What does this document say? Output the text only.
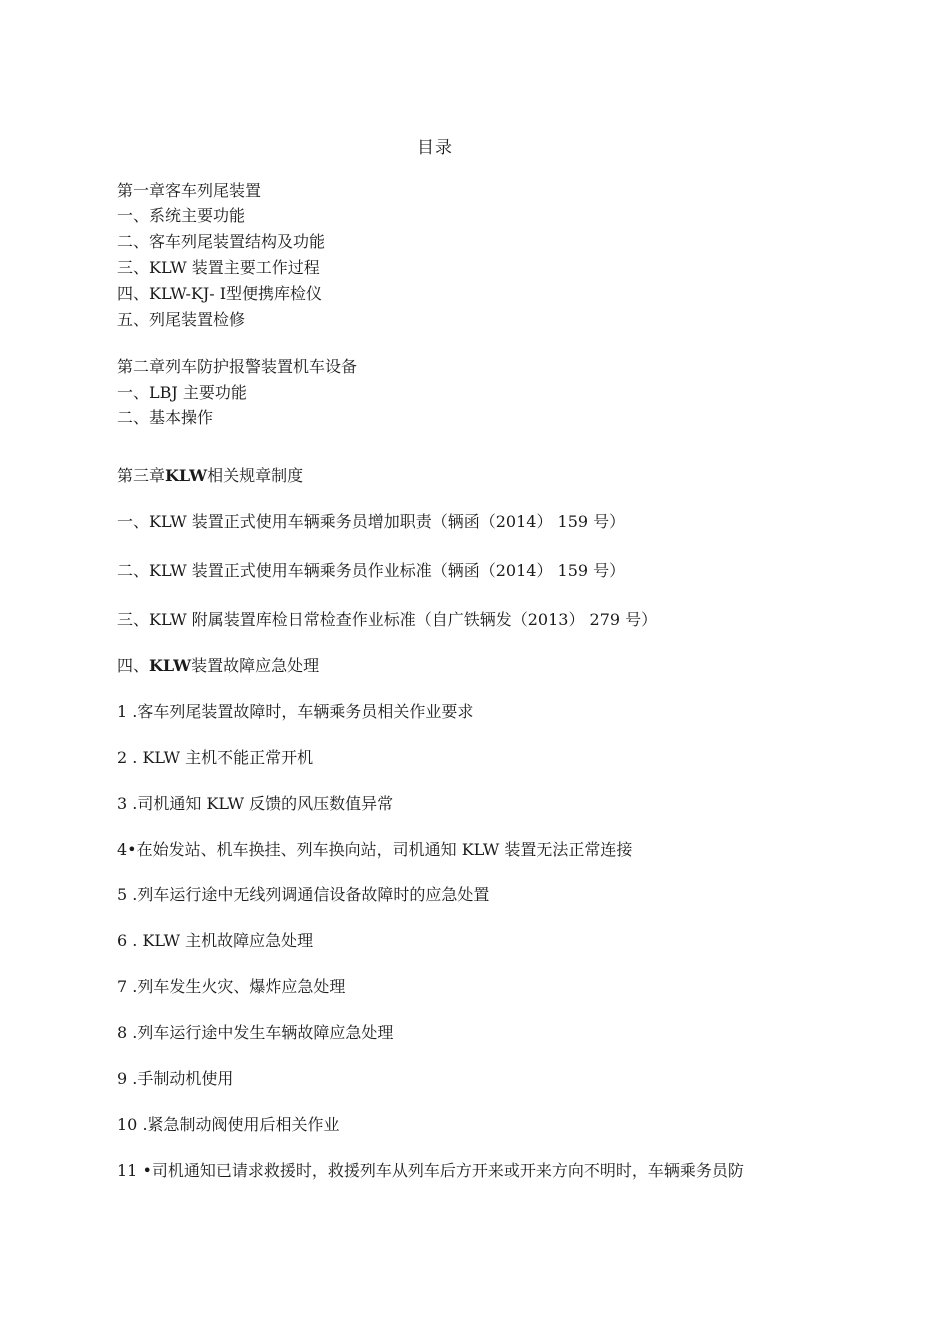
目录
第一章客车列尾装置
一、系统主要功能
二、客车列尾装置结构及功能
三、KLW 装置主要工作过程
四、KLW-KJ- Ⅰ型便携库检仪
五、列尾装置检修
第二章列车防护报警装置机车设备
一、LBJ 主要功能
二、基本操作
第三章KLW相关规章制度
一、KLW 装置正式使用车辆乘务员增加职责（辆函（2014） 159 号）
二、KLW 装置正式使用车辆乘务员作业标准（辆函（2014） 159 号）
三、KLW 附属装置库检日常检查作业标准（自广铁辆发（2013） 279 号）
四、KLW装置故障应急处理
1 .客车列尾装置故障时，车辆乘务员相关作业要求
2 . KLW 主机不能正常开机
3 .司机通知 KLW 反馈的风压数值异常
4•在始发站、机车换挂、列车换向站，司机通知 KLW 装置无法正常连接
5 .列车运行途中无线列调通信设备故障时的应急处置
6 . KLW 主机故障应急处理
7 .列车发生火灾、爆炸应急处理
8 .列车运行途中发生车辆故障应急处理
9 .手制动机使用
10 .紧急制动阀使用后相关作业
11 •司机通知已请求救援时，救援列车从列车后方开来或开来方向不明时，车辆乘务员防
